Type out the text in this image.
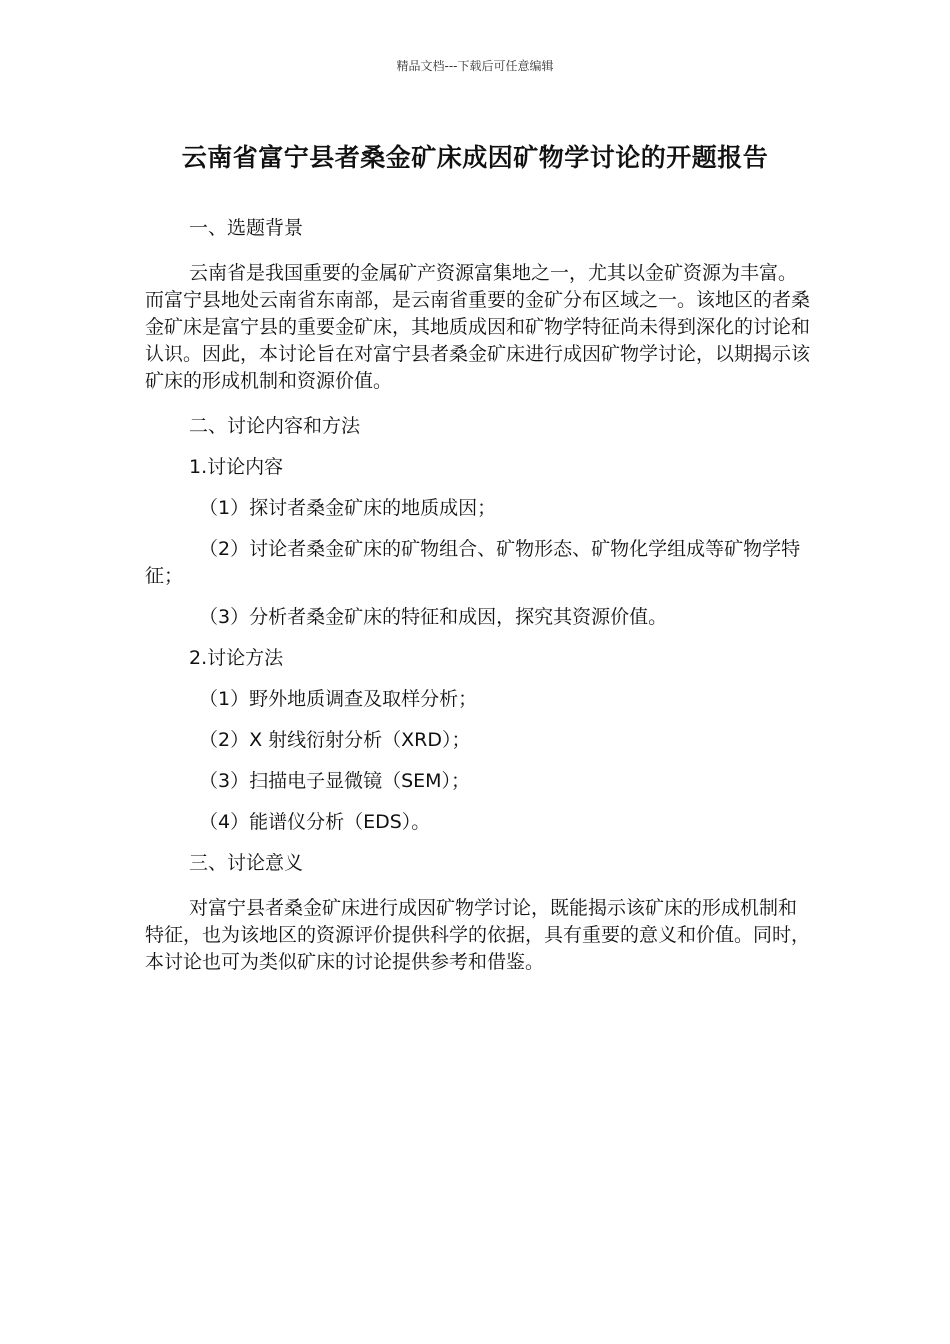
精品文档---下载后可任意编辑
云南省富宁县者桑金矿床成因矿物学讨论的开题报告

一、选题背景

云南省是我国重要的金属矿产资源富集地之一，尤其以金矿资源为丰富。而富宁县地处云南省东南部，是云南省重要的金矿分布区域之一。该地区的者桑金矿床是富宁县的重要金矿床，其地质成因和矿物学特征尚未得到深化的讨论和认识。因此，本讨论旨在对富宁县者桑金矿床进行成因矿物学讨论，以期揭示该矿床的形成机制和资源价值。

二、讨论内容和方法

1.讨论内容

（1）探讨者桑金矿床的地质成因；

（2）讨论者桑金矿床的矿物组合、矿物形态、矿物化学组成等矿物学特征；

（3）分析者桑金矿床的特征和成因，探究其资源价值。

2.讨论方法

（1）野外地质调查及取样分析；

（2）X 射线衍射分析（XRD）；

（3）扫描电子显微镜（SEM）；

（4）能谱仪分析（EDS）。

三、讨论意义

对富宁县者桑金矿床进行成因矿物学讨论，既能揭示该矿床的形成机制和特征，也为该地区的资源评价提供科学的依据，具有重要的意义和价值。同时，本讨论也可为类似矿床的讨论提供参考和借鉴。
